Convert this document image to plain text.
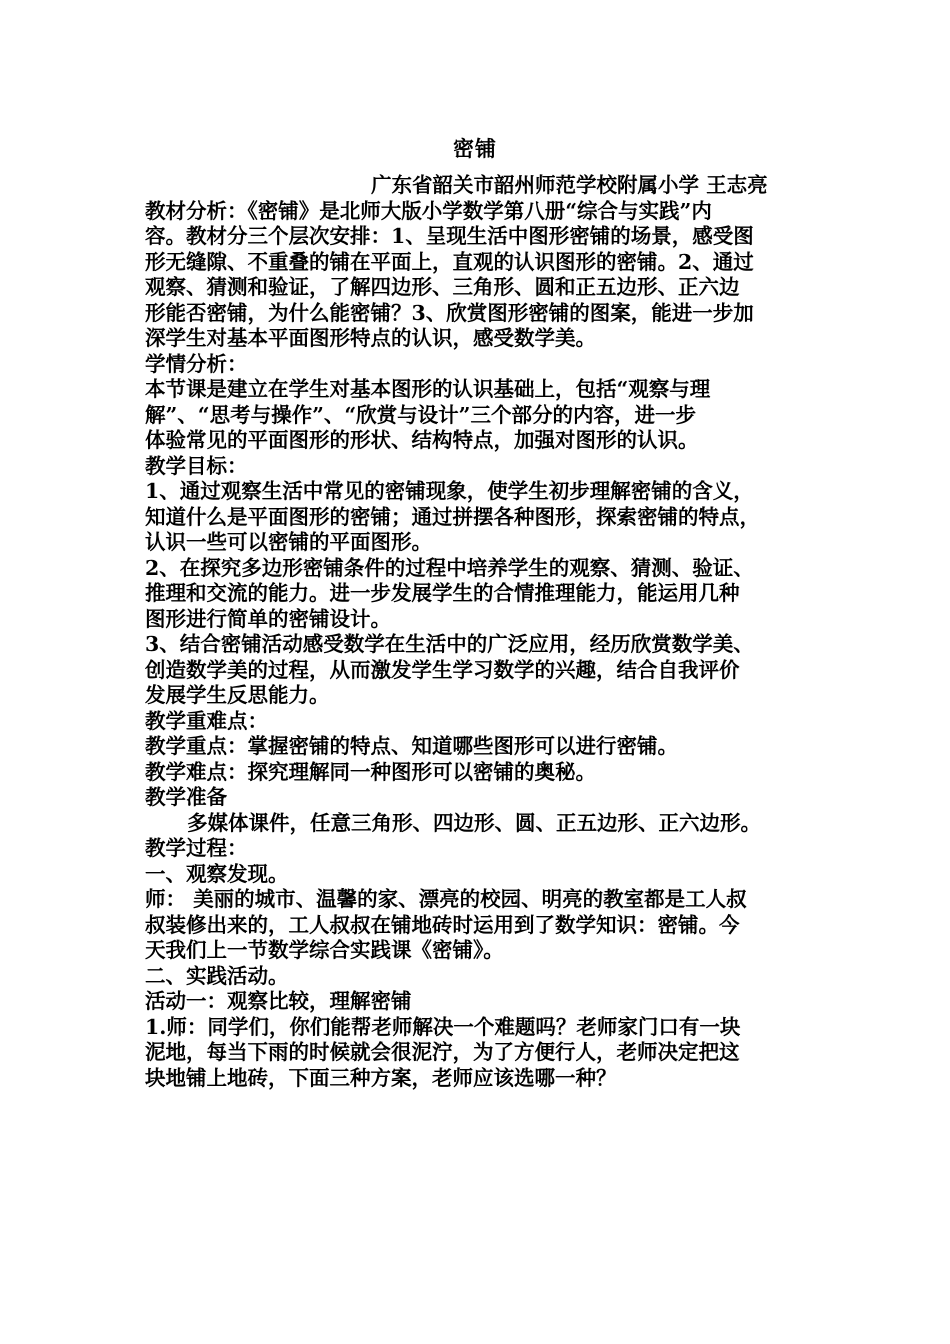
密铺
广东省韶关市韶州师范学校附属小学 王志亮
教材分析：《密铺》是北师大版小学数学第八册“综合与实践”内
容。教材分三个层次安排：1、呈现生活中图形密铺的场景，感受图
形无缝隙、不重叠的铺在平面上，直观的认识图形的密铺。2、通过
观察、猜测和验证，了解四边形、三角形、圆和正五边形、正六边
形能否密铺，为什么能密铺？3、欣赏图形密铺的图案，能进一步加
深学生对基本平面图形特点的认识，感受数学美。
学情分析：
本节课是建立在学生对基本图形的认识基础上，包括“观察与理
解”、“思考与操作”、“欣赏与设计”三个部分的内容，进一步
体验常见的平面图形的形状、结构特点，加强对图形的认识。
教学目标：
1、通过观察生活中常见的密铺现象，使学生初步理解密铺的含义，
知道什么是平面图形的密铺；通过拼摆各种图形，探索密铺的特点，
认识一些可以密铺的平面图形。
2、在探究多边形密铺条件的过程中培养学生的观察、猜测、验证、
推理和交流的能力。进一步发展学生的合情推理能力，能运用几种
图形进行简单的密铺设计。
3、结合密铺活动感受数学在生活中的广泛应用，经历欣赏数学美、
创造数学美的过程，从而激发学生学习数学的兴趣，结合自我评价
发展学生反思能力。
教学重难点：
教学重点：掌握密铺的特点、知道哪些图形可以进行密铺。
教学难点：探究理解同一种图形可以密铺的奥秘。
教学准备
多媒体课件，任意三角形、四边形、圆、正五边形、正六边形。
教学过程：
一、观察发现。
师： 美丽的城市、温馨的家、漂亮的校园、明亮的教室都是工人叔
叔装修出来的，工人叔叔在铺地砖时运用到了数学知识：密铺。今
天我们上一节数学综合实践课《密铺》。
二、实践活动。
活动一：观察比较，理解密铺
1.师：同学们，你们能帮老师解决一个难题吗？老师家门口有一块
泥地，每当下雨的时候就会很泥泞，为了方便行人，老师决定把这
块地铺上地砖，下面三种方案，老师应该选哪一种？
